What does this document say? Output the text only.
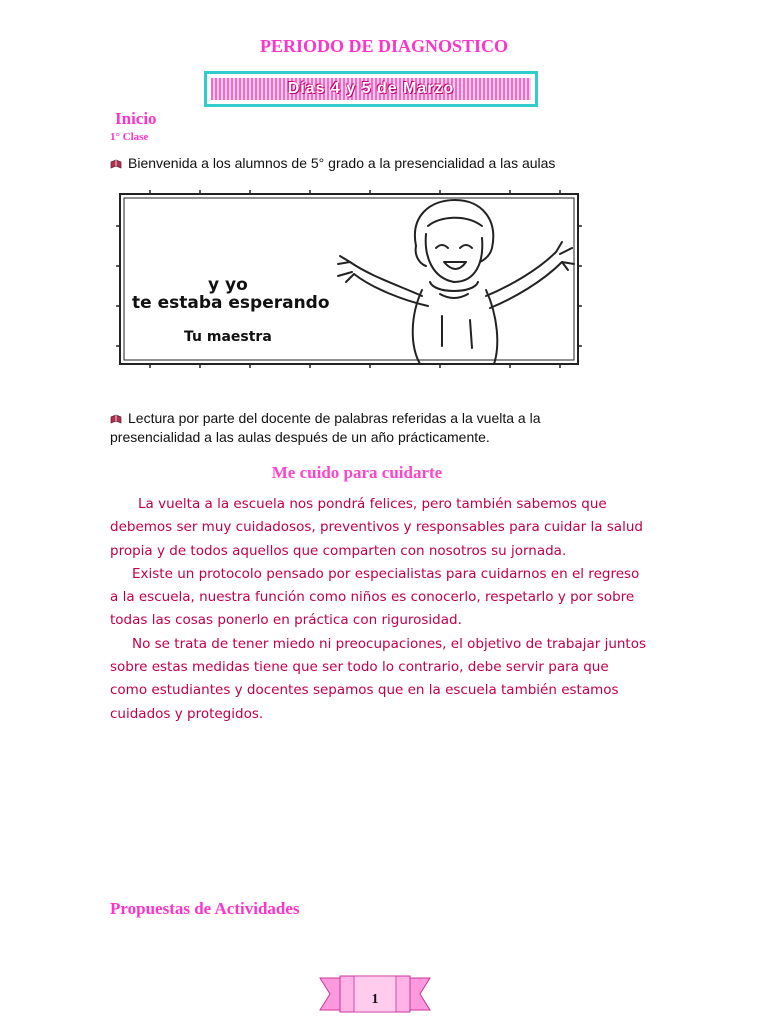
PERIODO DE DIAGNOSTICO
Días 4 y 5 de Marzo
Inicio
1° Clase
Bienvenida a los alumnos de 5° grado a la presencialidad a las aulas
y yo
te estaba esperando
Tu maestra
Lectura por parte del docente de palabras referidas a la vuelta a la
presencialidad a las aulas después de un año prácticamente.
Me cuido para cuidarte

La vuelta a la escuela nos pondrá felices, pero también sabemos que debemos ser muy cuidadosos, preventivos y responsables para cuidar la salud propia y de todos aquellos que comparten con nosotros su jornada.

Existe un protocolo pensado por especialistas para cuidarnos en el regreso a la escuela, nuestra función como niños es conocerlo, respetarlo y por sobre todas las cosas ponerlo en práctica con rigurosidad.

No se trata de tener miedo ni preocupaciones, el objetivo de trabajar juntos sobre estas medidas tiene que ser todo lo contrario, debe servir para que como estudiantes y docentes sepamos que en la escuela también estamos cuidados y protegidos.

Propuestas de Actividades
1
